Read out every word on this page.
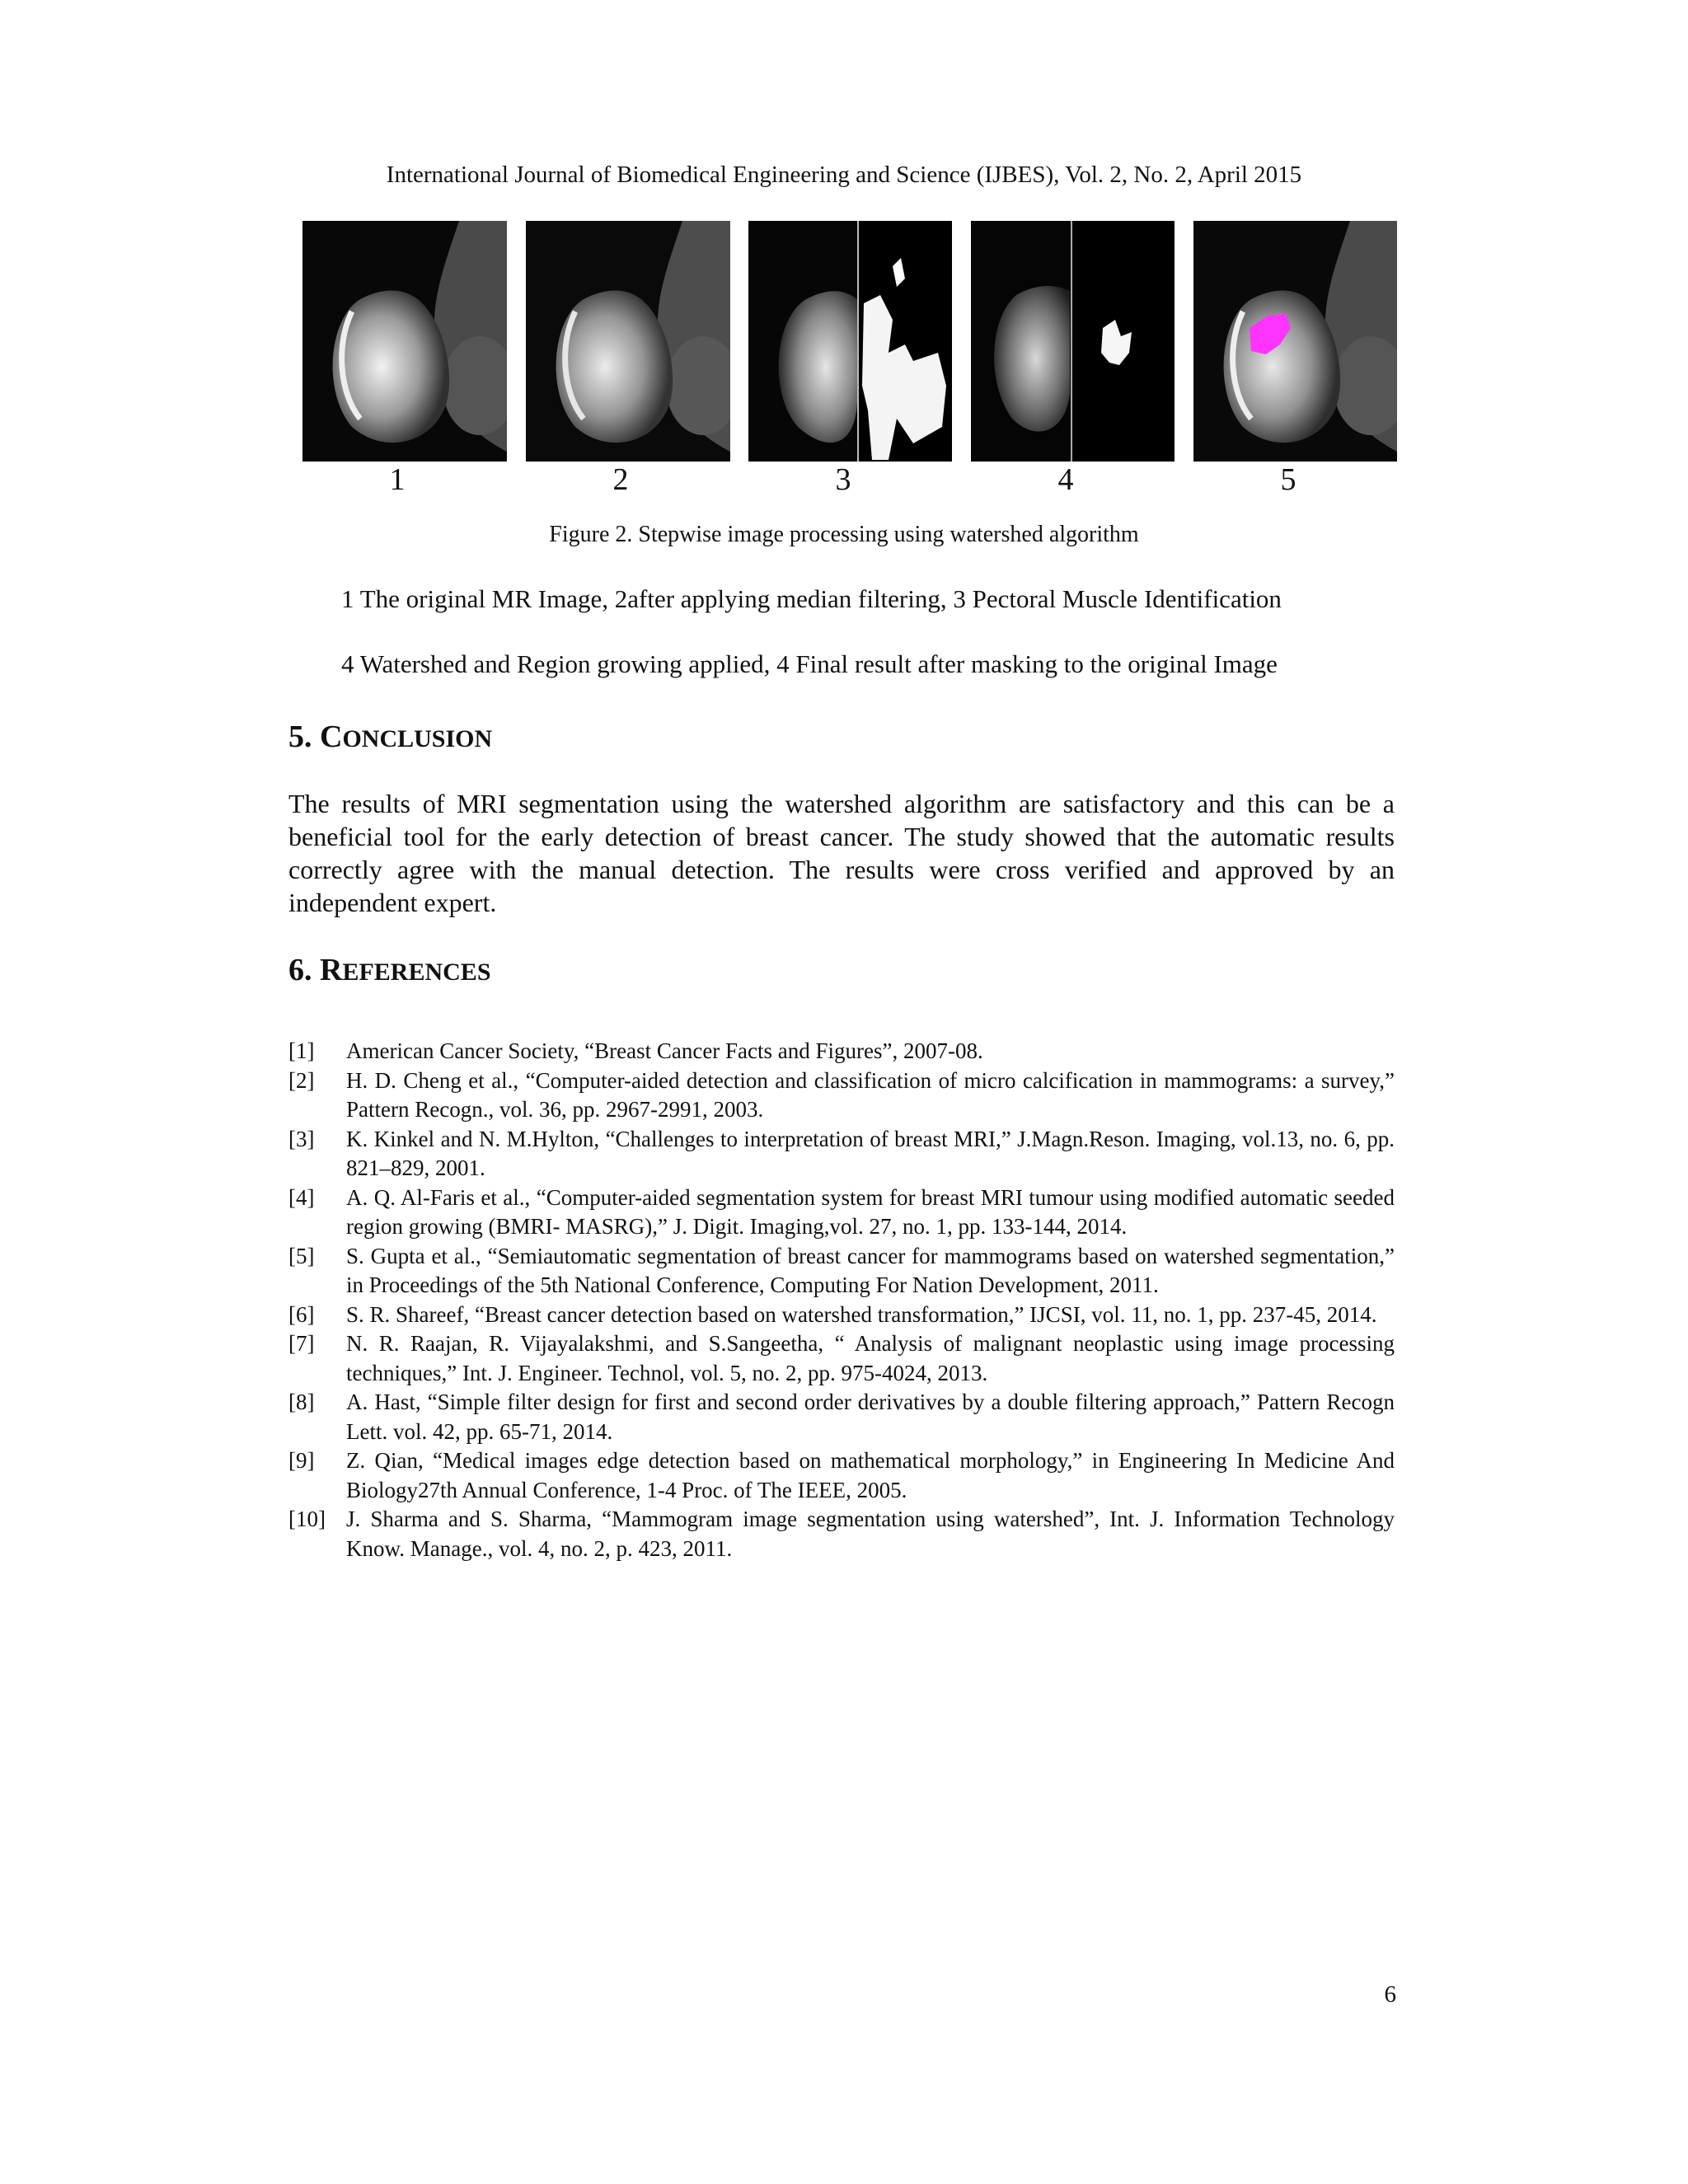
International Journal of Biomedical Engineering and Science (IJBES), Vol. 2, No. 2, April 2015
1	2	3	4	5
Figure 2. Stepwise image processing using watershed algorithm
1 The original MR Image, 2after applying median filtering, 3 Pectoral Muscle Identification
4 Watershed and Region growing applied, 4 Final result after masking to the original Image
5. CONCLUSION
The results of MRI segmentation using the watershed algorithm are satisfactory and this can be a beneficial tool for the early detection of breast cancer. The study showed that the automatic results correctly agree with the manual detection. The results were cross verified and approved by an independent expert.
6. REFERENCES
[1]	American Cancer Society, “Breast Cancer Facts and Figures”, 2007-08.
[2]	H. D. Cheng et al., “Computer-aided detection and classification of micro calcification in mammograms: a survey,” Pattern Recogn., vol. 36, pp. 2967-2991, 2003.
[3]	K. Kinkel and N. M.Hylton, “Challenges to interpretation of breast MRI,” J.Magn.Reson. Imaging, vol.13, no. 6, pp. 821–829, 2001.
[4]	A. Q. Al-Faris et al., “Computer-aided segmentation system for breast MRI tumour using modified automatic seeded region growing (BMRI- MASRG),” J. Digit. Imaging,vol. 27, no. 1, pp. 133-144, 2014.
[5]	S. Gupta et al., “Semiautomatic segmentation of breast cancer for mammograms based on watershed segmentation,” in Proceedings of the 5th National Conference, Computing For Nation Development, 2011.
[6]	S. R. Shareef, “Breast cancer detection based on watershed transformation,” IJCSI, vol. 11, no. 1, pp. 237-45, 2014.
[7]	N. R. Raajan, R. Vijayalakshmi, and S.Sangeetha, “ Analysis of malignant neoplastic using image processing techniques,” Int. J. Engineer. Technol, vol. 5, no. 2, pp. 975-4024, 2013.
[8]	A. Hast, “Simple filter design for first and second order derivatives by a double filtering approach,” Pattern Recogn Lett. vol. 42, pp. 65-71, 2014.
[9]	Z. Qian, “Medical images edge detection based on mathematical morphology,” in Engineering In Medicine And Biology27th Annual Conference, 1-4 Proc. of The IEEE, 2005.
[10] J. Sharma and S. Sharma, “Mammogram image segmentation using watershed”, Int. J. Information Technology Know. Manage., vol. 4, no. 2, p. 423, 2011.
6
